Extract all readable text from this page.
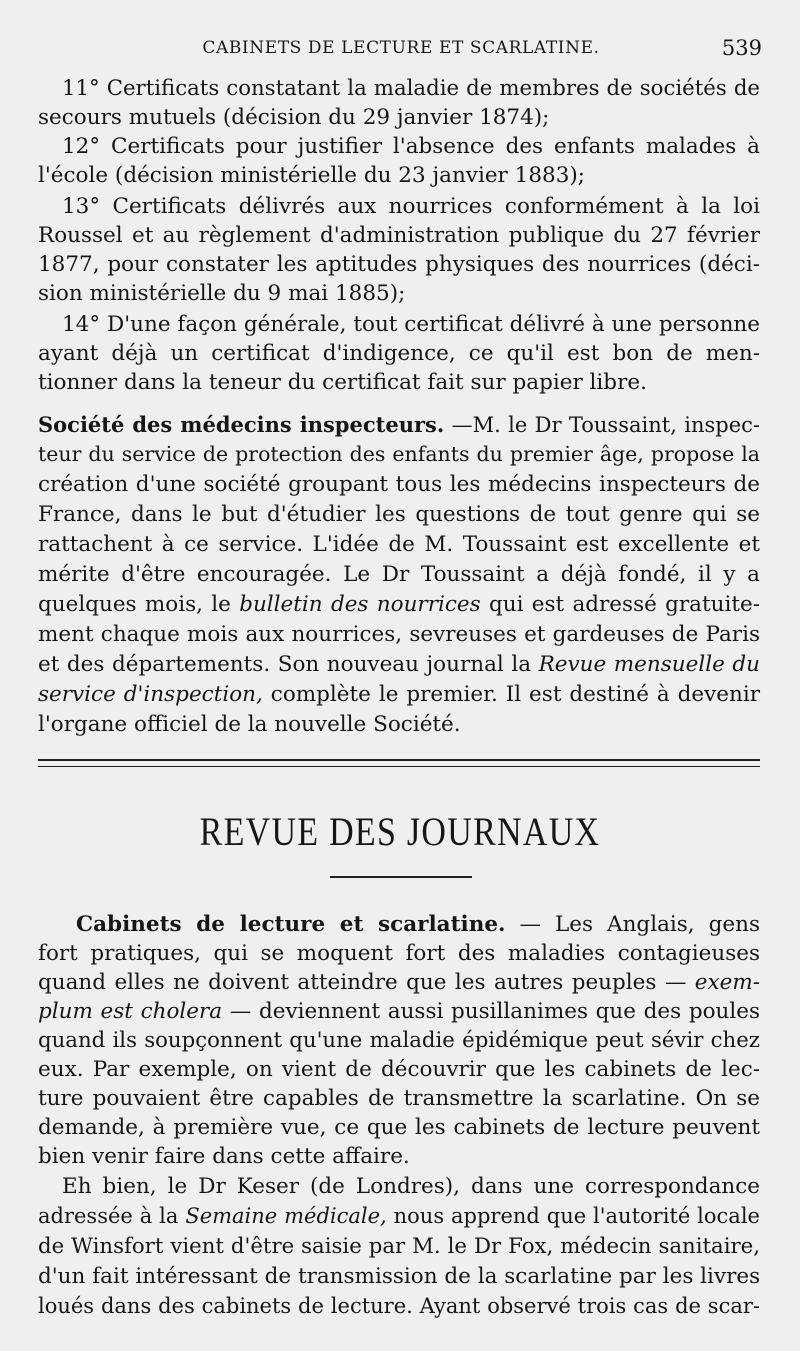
CABINETS DE LECTURE ET SCARLATINE.	539
11° Certificats constatant la maladie de membres de sociétés de
secours mutuels (décision du 29 janvier 1874);
12° Certificats pour justifier l'absence des enfants malades à
l'école (décision ministérielle du 23 janvier 1883);
13° Certificats délivrés aux nourrices conformément à la loi
Roussel et au règlement d'administration publique du 27 février
1877, pour constater les aptitudes physiques des nourrices (déci-
sion ministérielle du 9 mai 1885);
14° D'une façon générale, tout certificat délivré à une personne
ayant déjà un certificat d'indigence, ce qu'il est bon de men-
tionner dans la teneur du certificat fait sur papier libre.
Société des médecins inspecteurs. —M. le Dr Toussaint, inspec-
teur du service de protection des enfants du premier âge, propose la
création d'une société groupant tous les médecins inspecteurs de
France, dans le but d'étudier les questions de tout genre qui se
rattachent à ce service. L'idée de M. Toussaint est excellente et
mérite d'être encouragée. Le Dr Toussaint a déjà fondé, il y a
quelques mois, le bulletin des nourrices qui est adressé gratuite-
ment chaque mois aux nourrices, sevreuses et gardeuses de Paris
et des départements. Son nouveau journal la Revue mensuelle du
service d'inspection, complète le premier. Il est destiné à devenir
l'organe officiel de la nouvelle Société.
REVUE DES JOURNAUX
Cabinets de lecture et scarlatine. — Les Anglais, gens
fort pratiques, qui se moquent fort des maladies contagieuses
quand elles ne doivent atteindre que les autres peuples — exem-
plum est cholera — deviennent aussi pusillanimes que des poules
quand ils soupçonnent qu'une maladie épidémique peut sévir chez
eux. Par exemple, on vient de découvrir que les cabinets de lec-
ture pouvaient être capables de transmettre la scarlatine. On se
demande, à première vue, ce que les cabinets de lecture peuvent
bien venir faire dans cette affaire.
Eh bien, le Dr Keser (de Londres), dans une correspondance
adressée à la Semaine médicale, nous apprend que l'autorité locale
de Winsfort vient d'être saisie par M. le Dr Fox, médecin sanitaire,
d'un fait intéressant de transmission de la scarlatine par les livres
loués dans des cabinets de lecture. Ayant observé trois cas de scar-
